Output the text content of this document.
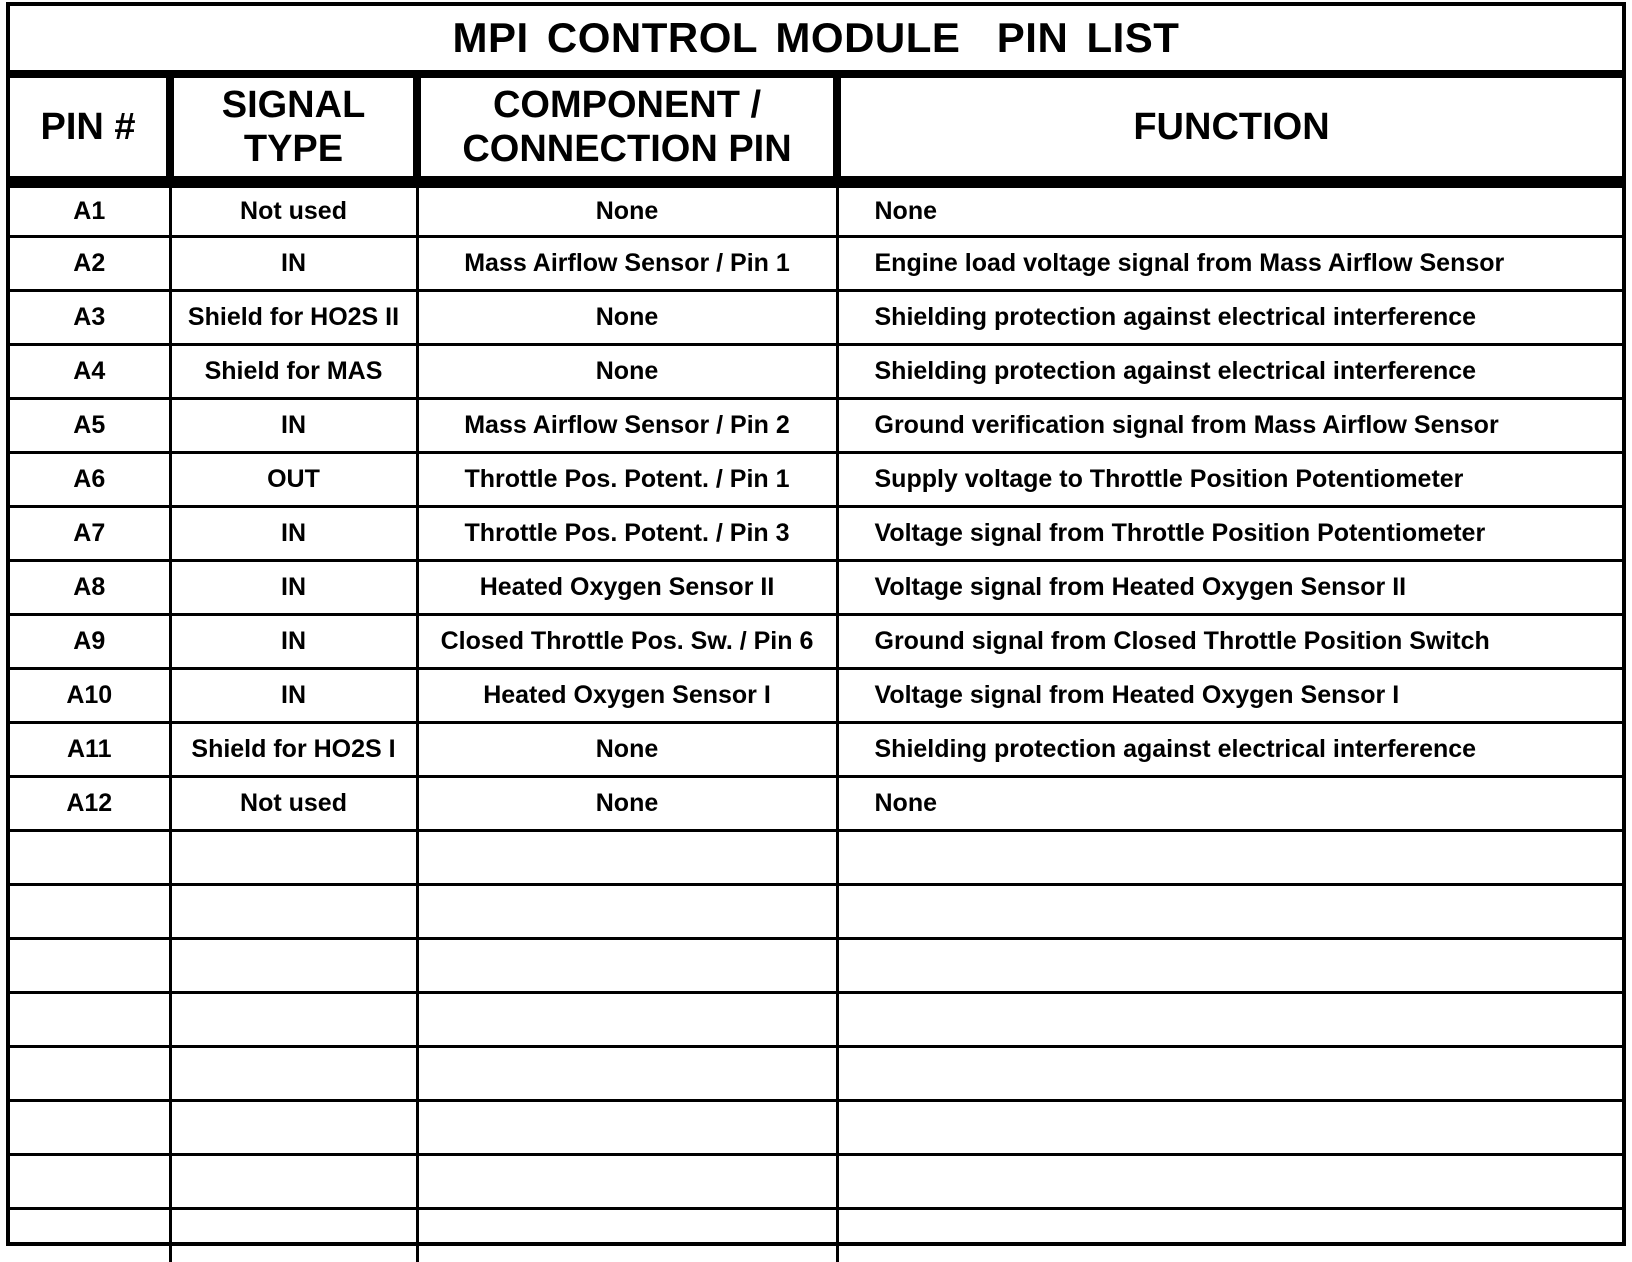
MPI CONTROL MODULE  PIN LIST
PIN #	SIGNAL TYPE	COMPONENT / CONNECTION PIN	FUNCTION
A1	Not used	None	None
A2	IN	Mass Airflow Sensor / Pin 1	Engine load voltage signal from Mass Airflow Sensor
A3	Shield for HO2S II	None	Shielding protection against electrical interference
A4	Shield for MAS	None	Shielding protection against electrical interference
A5	IN	Mass Airflow Sensor / Pin 2	Ground verification signal from Mass Airflow Sensor
A6	OUT	Throttle Pos. Potent. / Pin 1	Supply voltage to Throttle Position Potentiometer
A7	IN	Throttle Pos. Potent. / Pin 3	Voltage signal from Throttle Position Potentiometer
A8	IN	Heated Oxygen Sensor II	Voltage signal from Heated Oxygen Sensor II
A9	IN	Closed Throttle Pos. Sw. / Pin 6	Ground signal from Closed Throttle Position Switch
A10	IN	Heated Oxygen Sensor I	Voltage signal from Heated Oxygen Sensor I
A11	Shield for HO2S I	None	Shielding protection against electrical interference
A12	Not used	None	None
